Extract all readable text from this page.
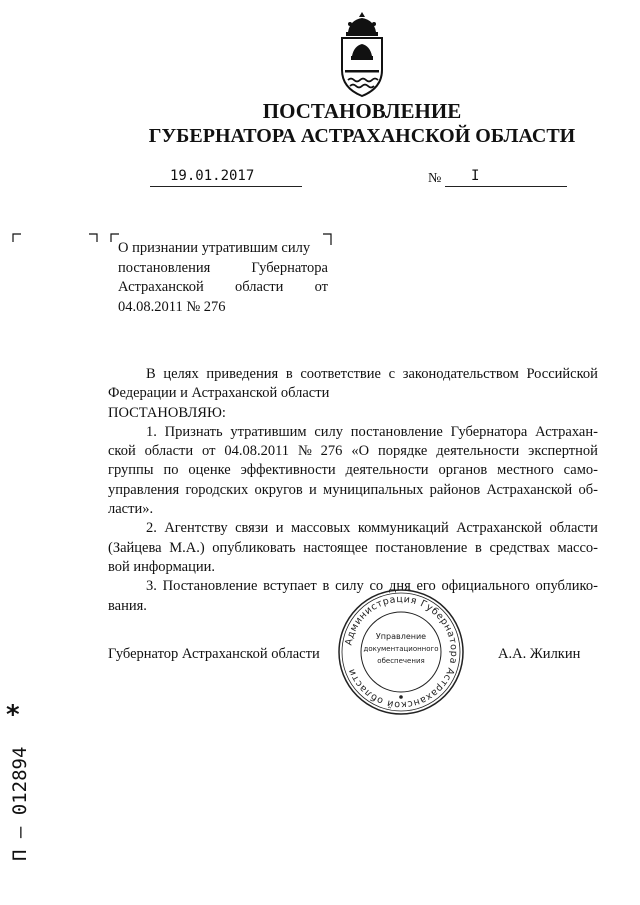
ПОСТАНОВЛЕНИЕ
ГУБЕРНАТОРА АСТРАХАНСКОЙ ОБЛАСТИ
19.01.2017	№	I
О признании утратившим силу
постановления	Губернатора
Астраханской области от
04.08.2011 № 276
В целях приведения в соответствие с законодательством Российской
Федерации и Астраханской области
ПОСТАНОВЛЯЮ:
1. Признать утратившим силу постановление Губернатора Астрахан-
ской области от 04.08.2011 № 276 «О порядке деятельности экспертной
группы по оценке эффективности деятельности органов местного само-
управления городских округов и муниципальных районов Астраханской об-
ласти».
2. Агентству связи и массовых коммуникаций Астраханской области
(Зайцева М.А.) опубликовать настоящее постановление в средствах массо-
вой информации.
3. Постановление вступает в силу со дня его официального опублико-
вания.
Губернатор Астраханской области	А.А. Жилкин
Администрация Губернатора Астраханской области
Управление
документационного
обеспечения
*
П – 012894
